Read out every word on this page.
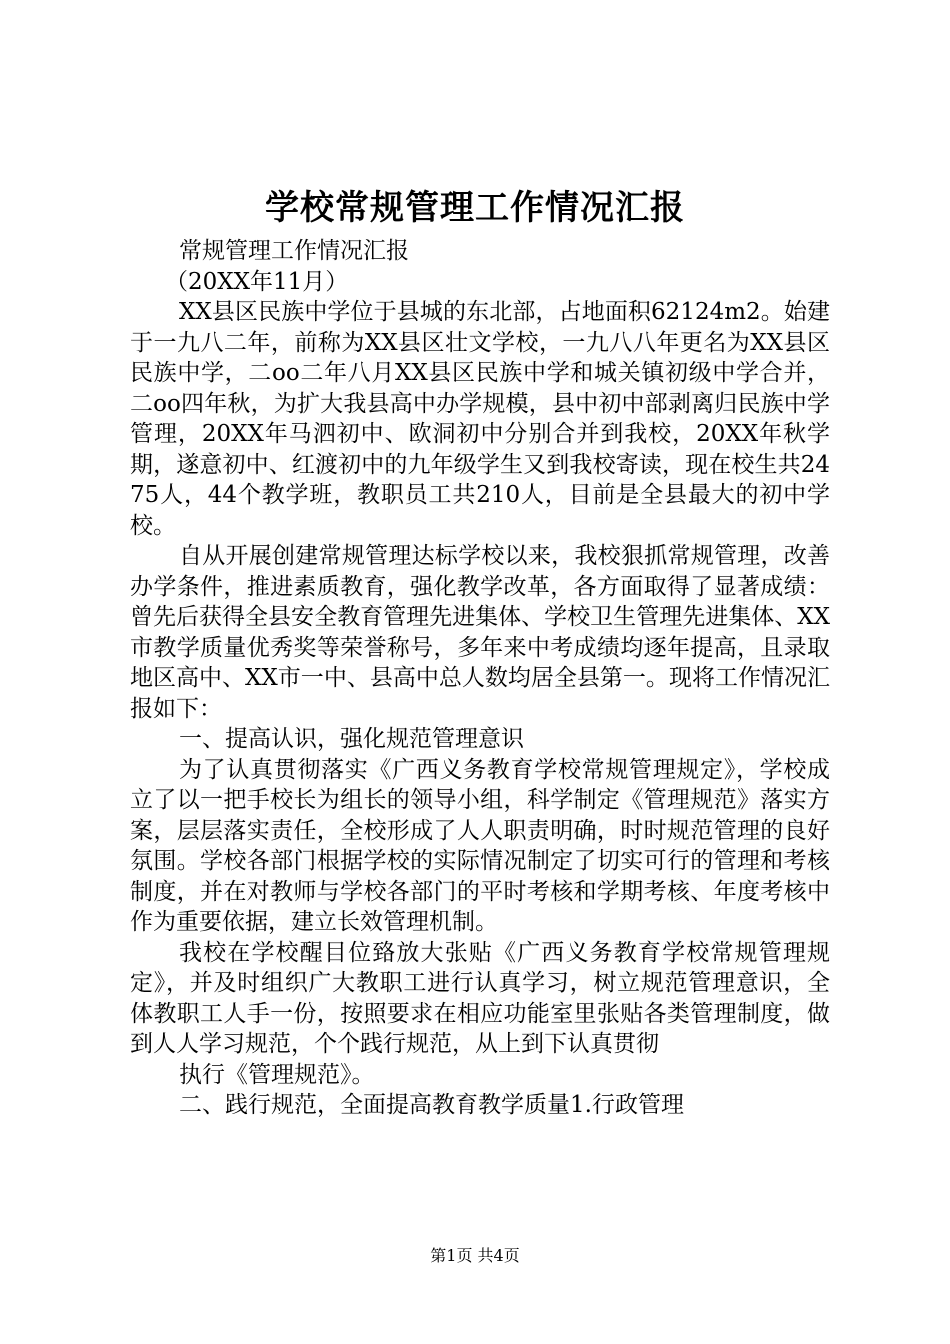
学校常规管理工作情况汇报

常规管理工作情况汇报

（20XX年11月）

XX县区民族中学位于县城的东北部，占地面积62124m2。始建于一九八二年，前称为XX县区壮文学校，一九八八年更名为XX县区民族中学，二oo二年八月XX县区民族中学和城关镇初级中学合并，二oo四年秋，为扩大我县高中办学规模，县中初中部剥离归民族中学管理，20XX年马泗初中、欧洞初中分别合并到我校，20XX年秋学期，遂意初中、红渡初中的九年级学生又到我校寄读，现在校生共2475人，44个教学班，教职员工共210人，目前是全县最大的初中学校。

自从开展创建常规管理达标学校以来，我校狠抓常规管理，改善办学条件，推进素质教育，强化教学改革，各方面取得了显著成绩：曾先后获得全县安全教育管理先进集体、学校卫生管理先进集体、XX市教学质量优秀奖等荣誉称号，多年来中考成绩均逐年提高，且录取地区高中、XX市一中、县高中总人数均居全县第一。现将工作情况汇报如下：

一、提高认识，强化规范管理意识

为了认真贯彻落实《广西义务教育学校常规管理规定》，学校成立了以一把手校长为组长的领导小组，科学制定《管理规范》落实方案，层层落实责任，全校形成了人人职责明确，时时规范管理的良好氛围。学校各部门根据学校的实际情况制定了切实可行的管理和考核制度，并在对教师与学校各部门的平时考核和学期考核、年度考核中作为重要依据，建立长效管理机制。

我校在学校醒目位臵放大张贴《广西义务教育学校常规管理规定》，并及时组织广大教职工进行认真学习，树立规范管理意识，全体教职工人手一份，按照要求在相应功能室里张贴各类管理制度，做到人人学习规范，个个践行规范，从上到下认真贯彻

执行《管理规范》。

二、践行规范，全面提高教育教学质量1.行政管理

第1页 共4页
